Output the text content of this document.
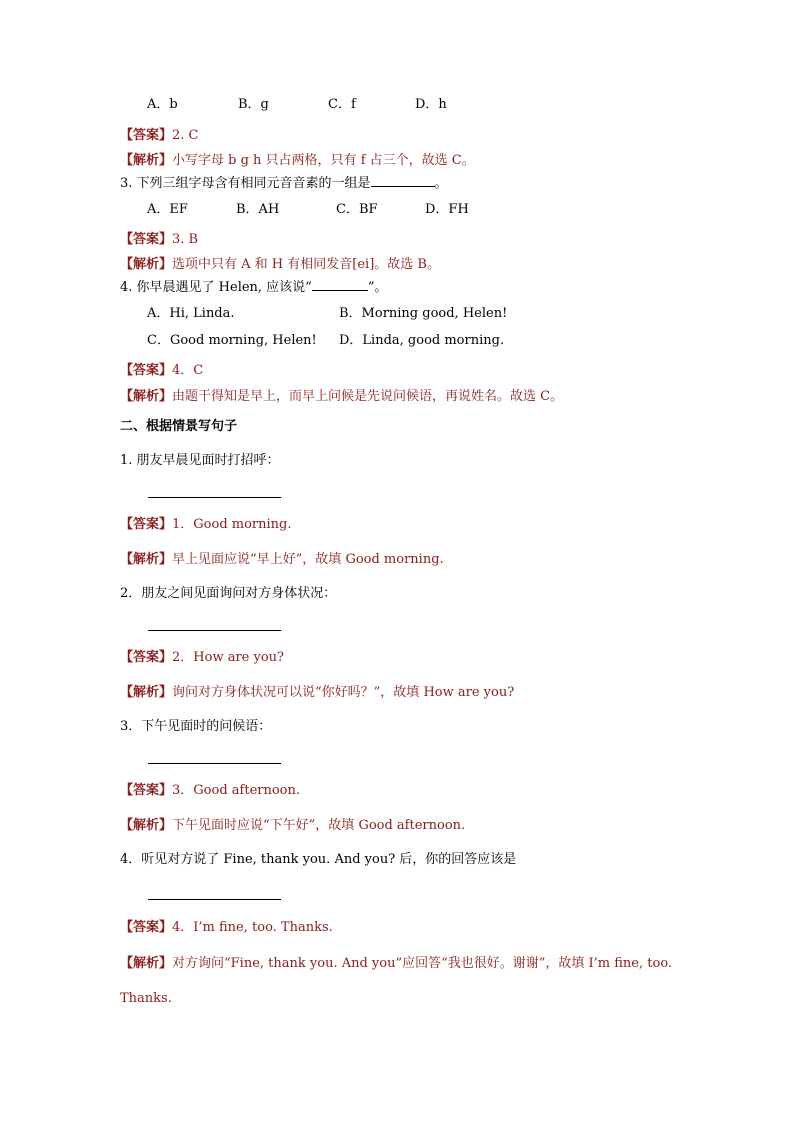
A．b	B．g	C．f	D．h
【答案】2. C
【解析】小写字母 b g h 只占两格，只有 f 占三个，故选 C。
3. 下列三组字母含有相同元音音素的一组是	。
A．EF	B．AH	C．BF	D．FH
【答案】3. B
【解析】选项中只有 A 和 H 有相同发音[ei]。故选 B。
4. 你早晨遇见了 Helen, 应该说“	”。
A．Hi, Linda.	B．Morning good, Helen!
C．Good morning, Helen! D．Linda, good morning.
【答案】4．C
【解析】由题干得知是早上，而早上问候是先说问候语，再说姓名。故选 C。
二、根据情景写句子
1. 朋友早晨见面时打招呼：
【答案】1．Good morning.
【解析】早上见面应说“早上好”，故填 Good morning.
2．朋友之间见面询问对方身体状况：
【答案】2．How are you?
【解析】询问对方身体状况可以说“你好吗？”，故填 How are you?
3．下午见面时的问候语：
【答案】3．Good afternoon.
【解析】下午见面时应说“下午好”，故填 Good afternoon.
4．听见对方说了 Fine, thank you. And you? 后，你的回答应该是
【答案】4．I’m fine, too. Thanks.
【解析】对方询问“Fine, thank you. And you”应回答“我也很好。谢谢”，故填 I’m fine, too.
Thanks.
